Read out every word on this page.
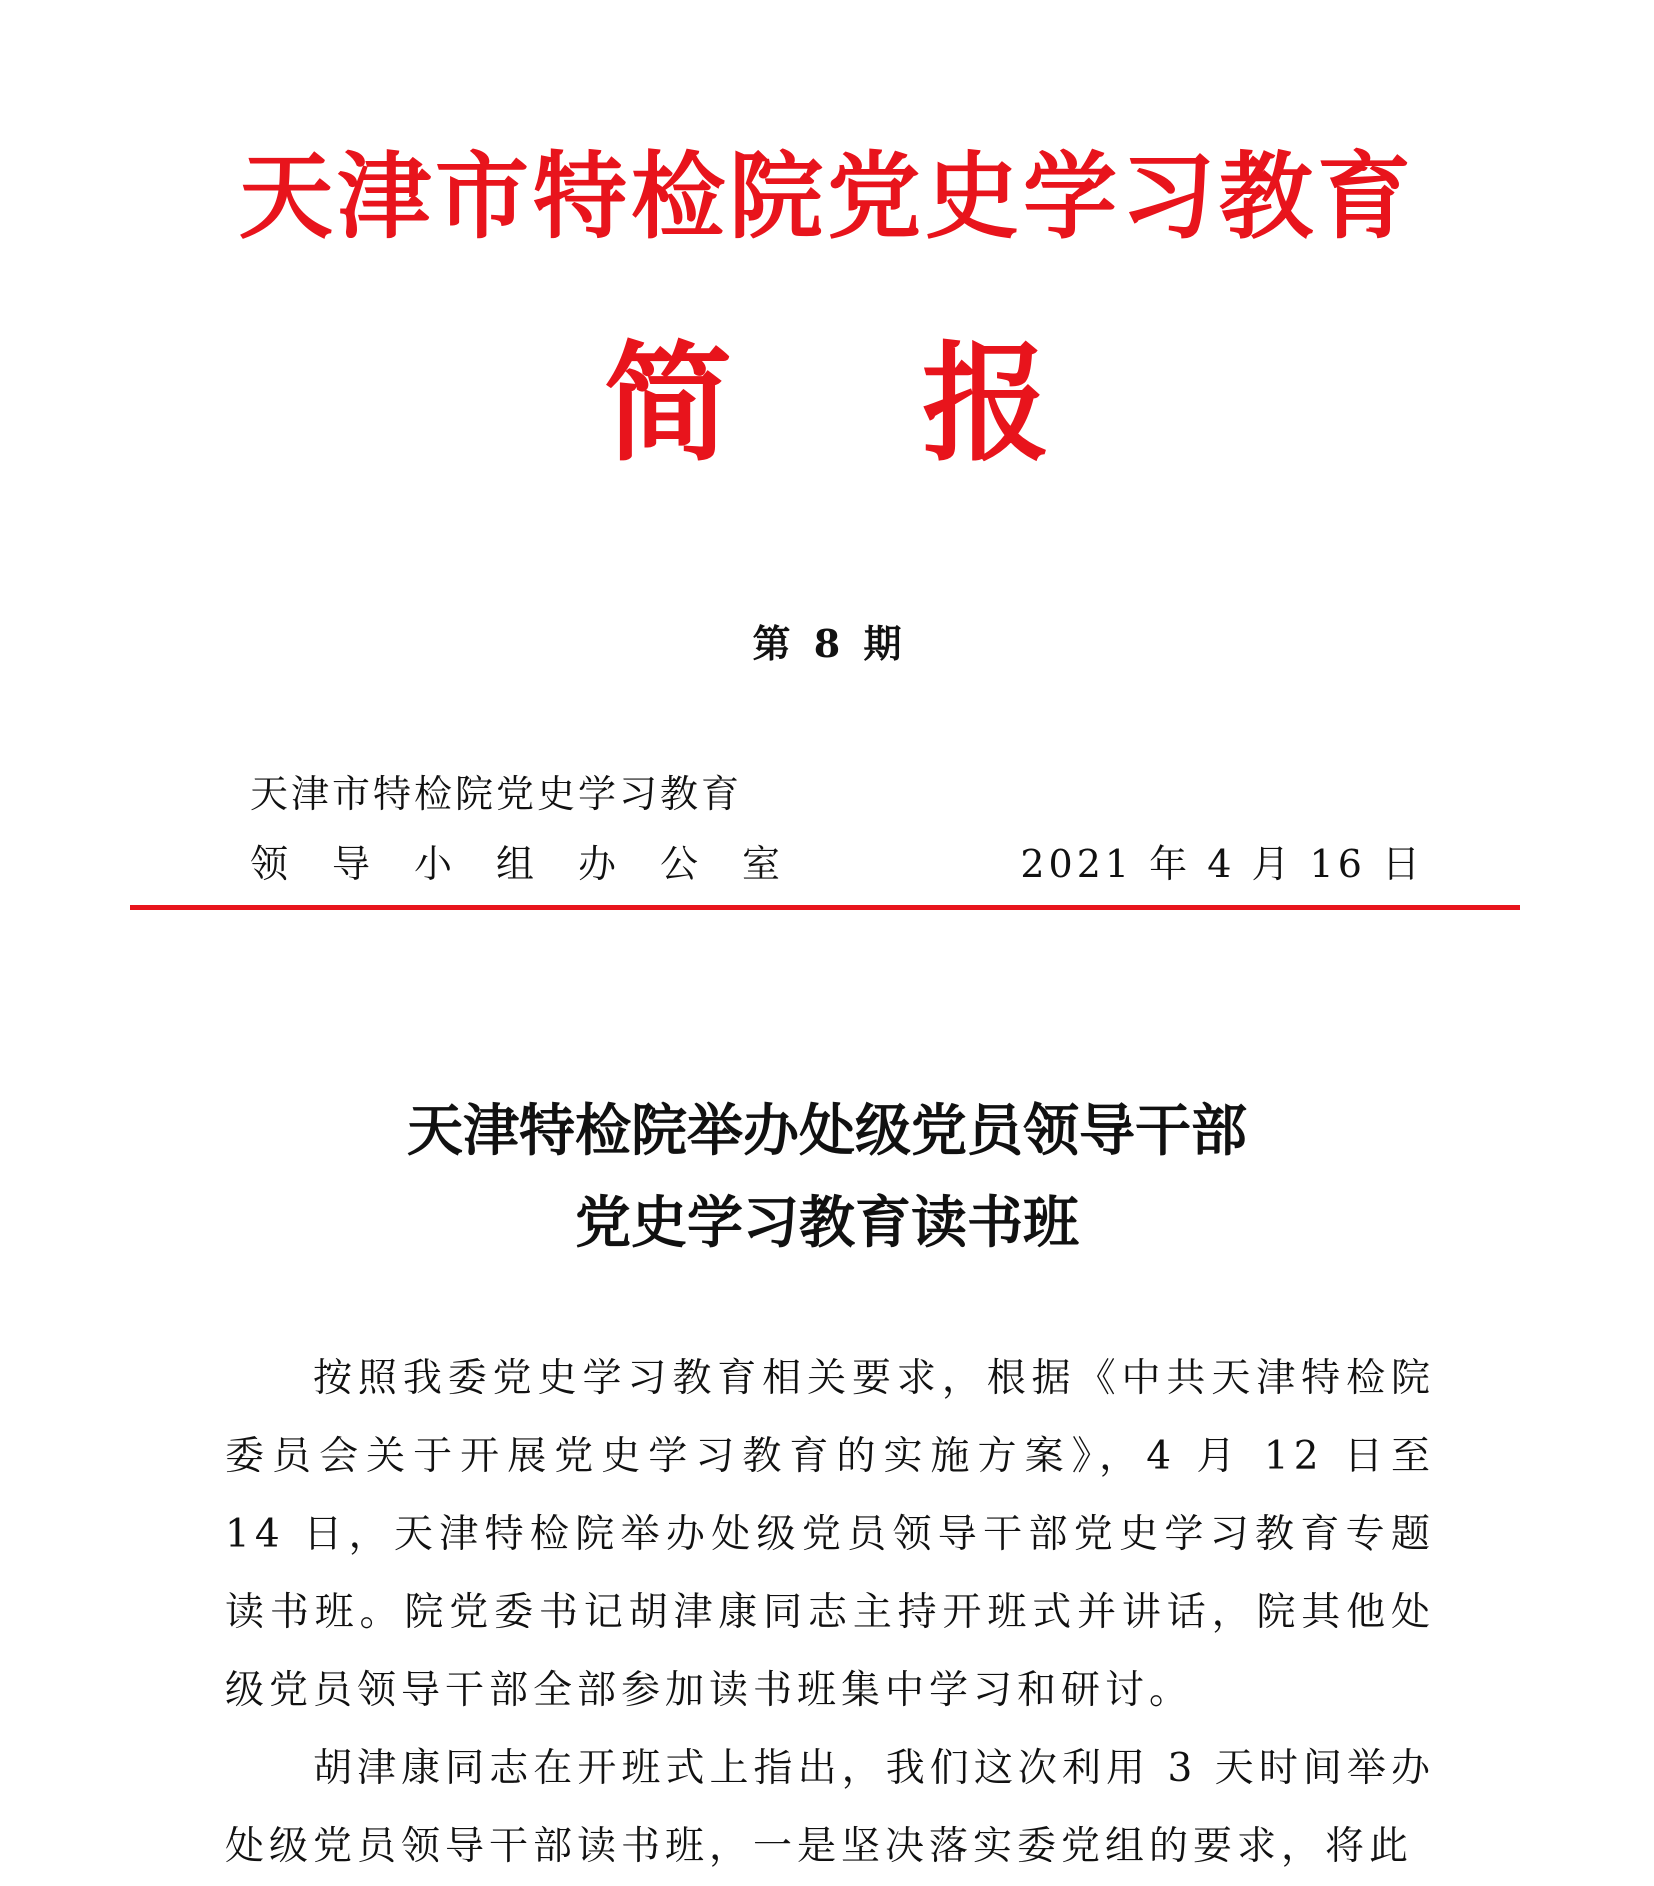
天津市特检院党史学习教育
简 报
第 8 期
天津市特检院党史学习教育
领导小组办公室	2021 年 4 月 16 日
天津特检院举办处级党员领导干部
党史学习教育读书班

按照我委党史学习教育相关要求，根据《中共天津特检院委员会关于开展党史学习教育的实施方案》，4 月 12 日至 14 日，天津特检院举办处级党员领导干部党史学习教育专题读书班。院党委书记胡津康同志主持开班式并讲话，院其他处级党员领导干部全部参加读书班集中学习和研讨。

胡津康同志在开班式上指出，我们这次利用 3 天时间举办处级党员领导干部读书班，一是坚决落实委党组的要求，将此
